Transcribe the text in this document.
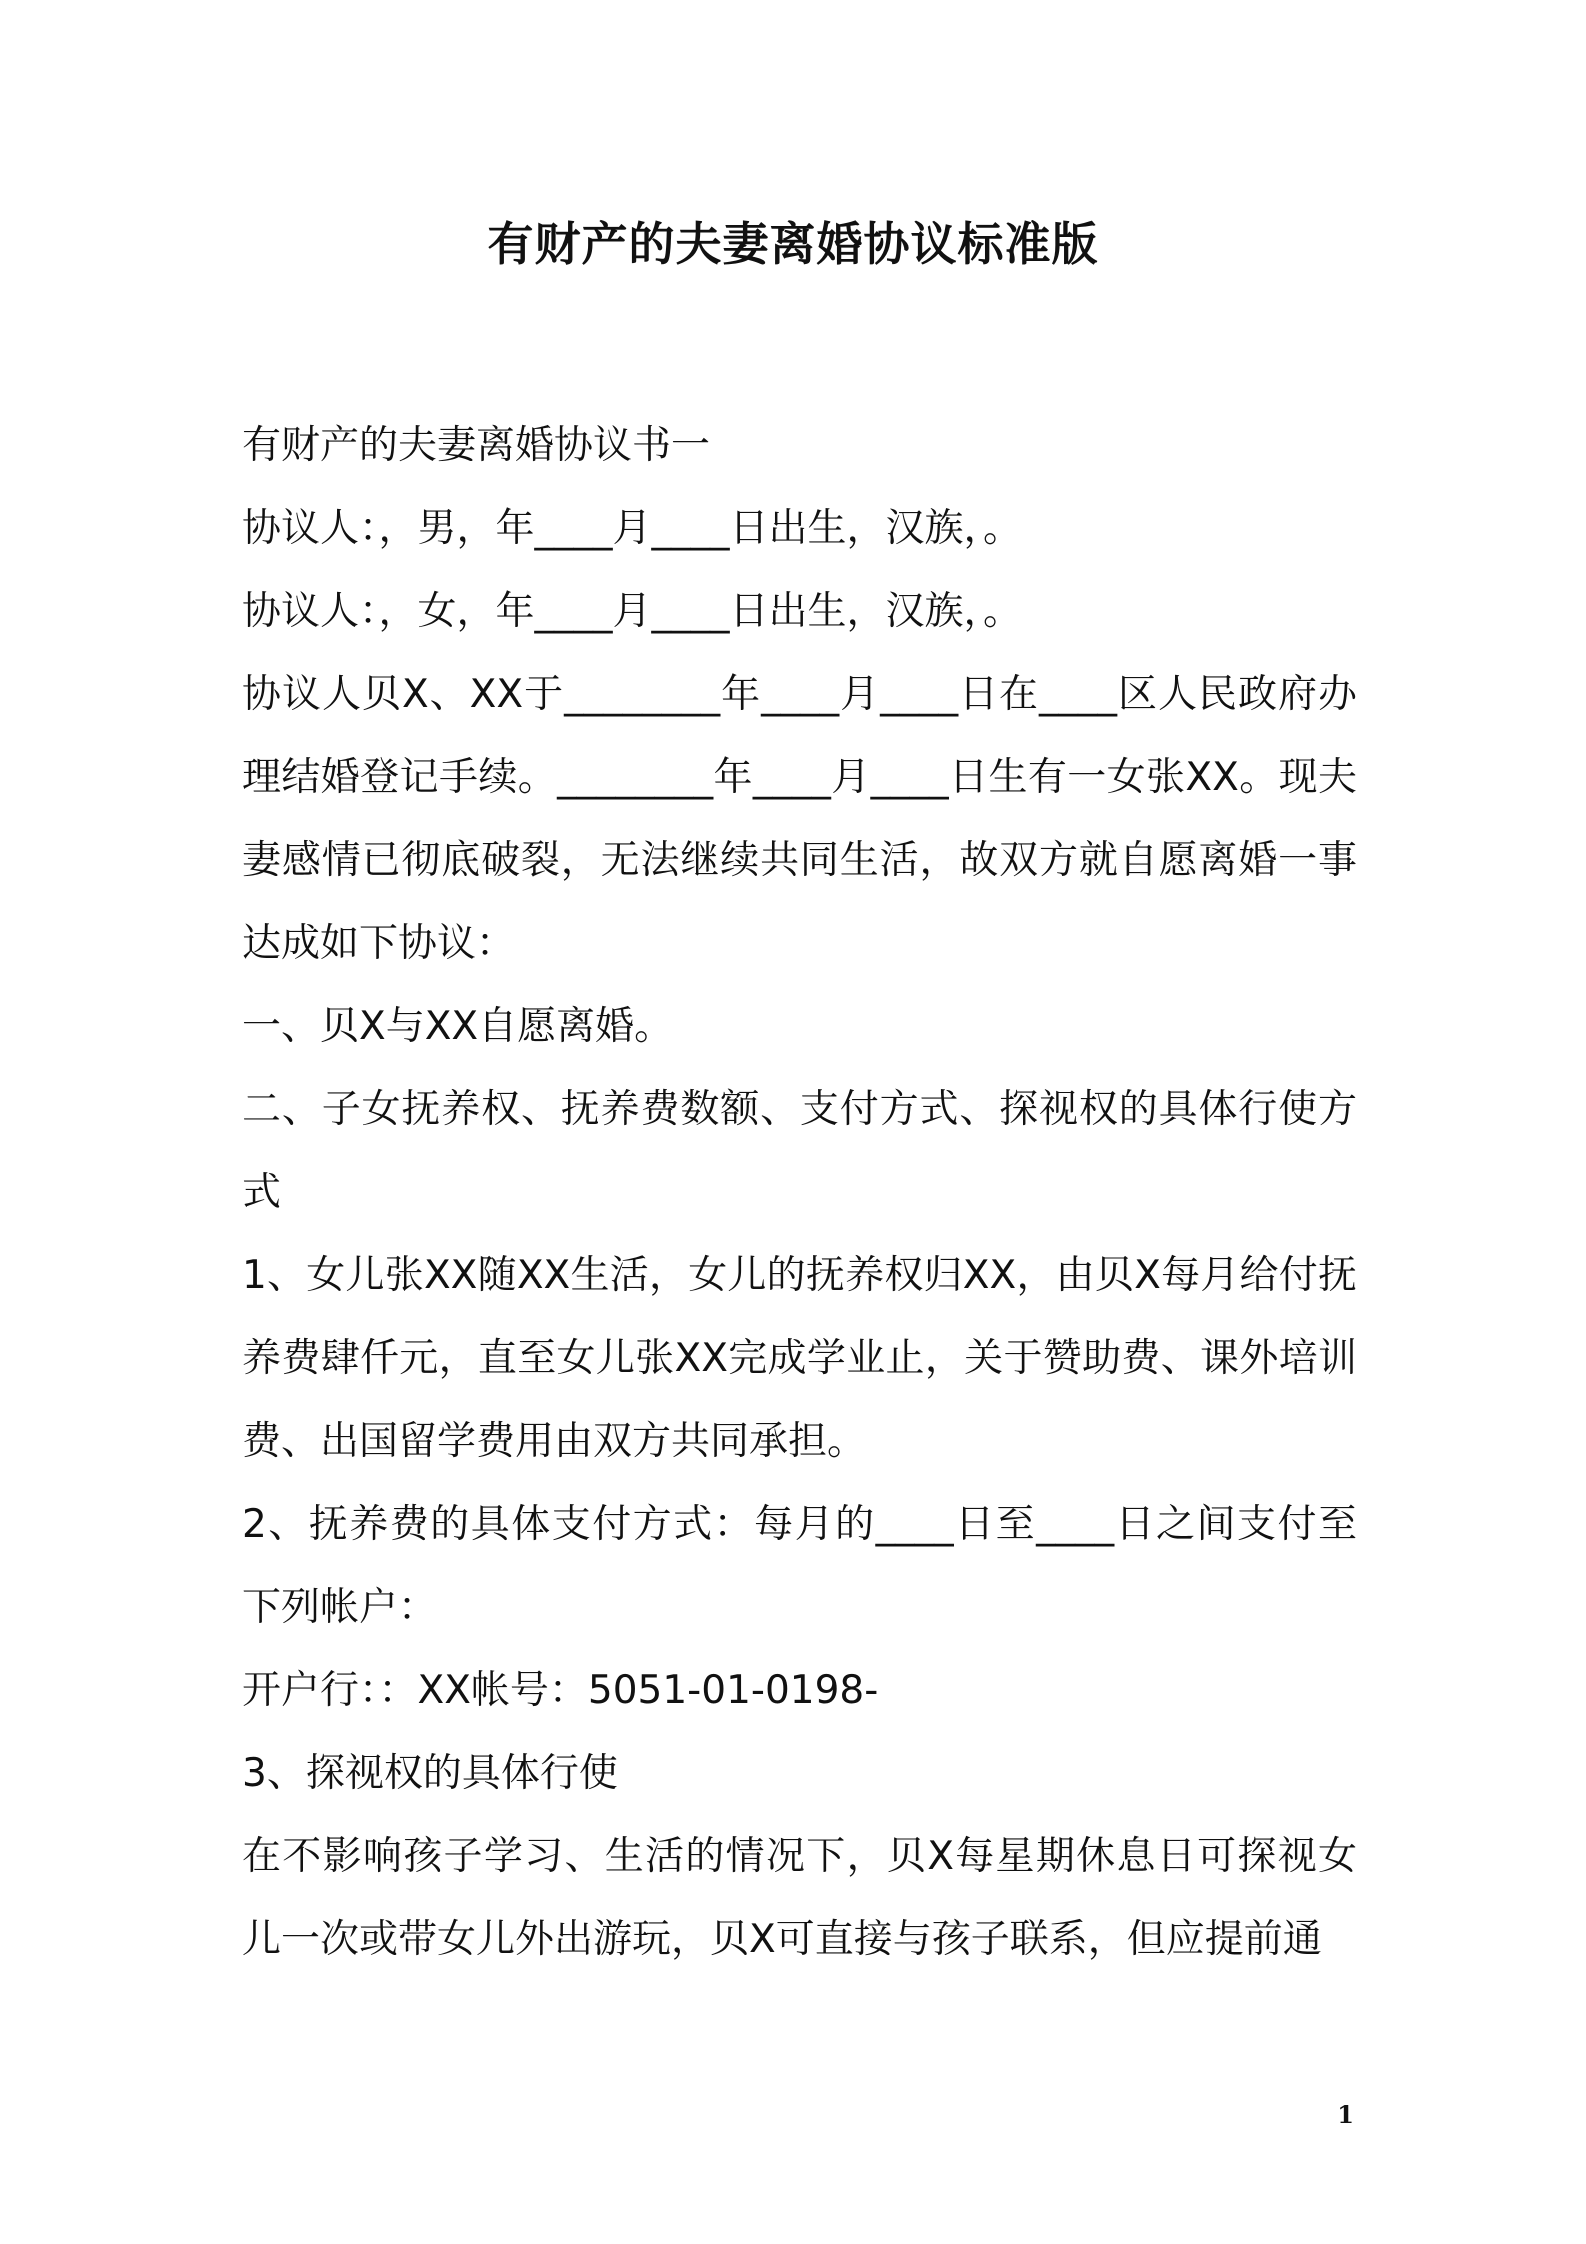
有财产的夫妻离婚协议标准版

有财产的夫妻离婚协议书一

协议人：，男，年____月____日出生，汉族，。

协议人：，女，年____月____日出生，汉族，。

协议人贝X、XX于________年____月____日在____区人民政府办理结婚登记手续。________年____月____日生有一女张XX。现夫妻感情已彻底破裂，无法继续共同生活，故双方就自愿离婚一事达成如下协议：

一、贝X与XX自愿离婚。

二、子女抚养权、抚养费数额、支付方式、探视权的具体行使方式

1、女儿张XX随XX生活，女儿的抚养权归XX，由贝X每月给付抚养费肆仟元，直至女儿张XX完成学业止，关于赞助费、课外培训费、出国留学费用由双方共同承担。

2、抚养费的具体支付方式：每月的____日至____日之间支付至下列帐户：

开户行：：XX帐号：5051-01-0198-

3、探视权的具体行使

在不影响孩子学习、生活的情况下，贝X每星期休息日可探视女儿一次或带女儿外出游玩，贝X可直接与孩子联系，但应提前通

1
